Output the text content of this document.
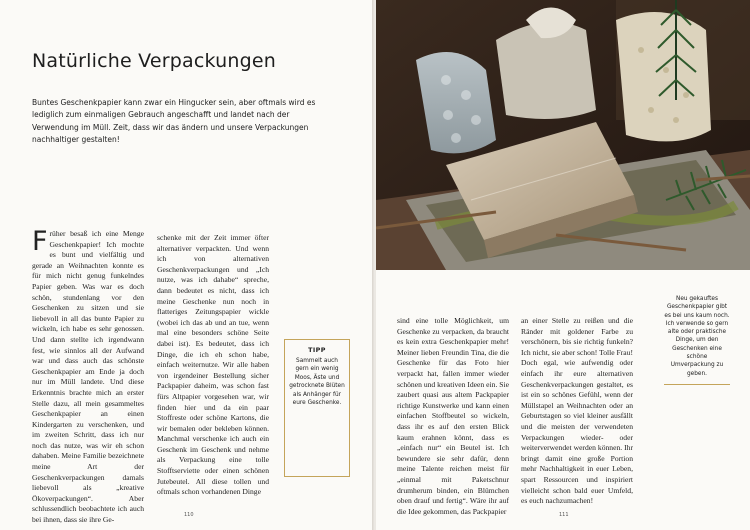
Natürliche Verpackungen

Buntes Geschenkpapier kann zwar ein Hingucker sein, aber oftmals wird es lediglich zum einmaligen Gebrauch angeschafft und landet nach der Verwendung im Müll. Zeit, dass wir das ändern und unsere Verpackungen nachhaltiger gestalten!

Früher besaß ich eine Menge Geschenkpapier! Ich mochte es bunt und vielfältig und gerade an Weihnachten konnte es für mich nicht genug funkelndes Papier geben. Was war es doch schön, stundenlang vor den Geschenken zu sitzen und sie liebevoll in all das bunte Papier zu wickeln, ich habe es sehr genossen. Und dann stellte ich irgendwann fest, wie sinnlos all der Aufwand war und dass auch das schönste Geschenkpapier am Ende ja doch nur im Müll landete. Und diese Erkenntnis brachte mich an erster Stelle dazu, all mein gesammeltes Geschenkpapier an einen Kindergarten zu verschenken, und im zweiten Schritt, dass ich nur noch das nutze, was wir eh schon dahaben. Meine Familie bezeichnete meine Art der Geschenkverpackungen damals liebevoll als „kreative Ökoverpackungen“. Aber schlussendlich beobachtete ich auch bei ihnen, dass sie ihre Ge-

schenke mit der Zeit immer öfter alternativer verpackten. Und wenn ich von alternativen Geschenkverpackungen und „Ich nutze, was ich dahabe“ spreche, dann bedeutet es nicht, dass ich meine Geschenke nun noch in flatteriges Zeitungspapier wickle (wobei ich das ab und an tue, wenn mal eine besonders schöne Seite dabei ist). Es bedeutet, dass ich Dinge, die ich eh schon habe, einfach weiternutze. Wir alle haben von irgendeiner Bestellung sicher Packpapier daheim, was schon fast fürs Altpapier vorgesehen war, wir finden hier und da ein paar Stoffreste oder schöne Kartons, die wir bemalen oder bekleben können. Manchmal verschenke ich auch ein Geschenk im Geschenk und nehme als Verpackung eine tolle Stofftserviette oder einen schönen Jutebeutel. All diese tollen und oftmals schon vorhandenen Dinge

TIPP
Sammelt auch gern ein wenig Moos, Äste und getrocknete Blüten als Anhänger für eure Geschenke.
110

sind eine tolle Möglichkeit, um Geschenke zu verpacken, da braucht es kein extra Geschenkpapier mehr! Meiner lieben Freundin Tina, die die Geschenke für das Foto hier verpackt hat, fallen immer wieder schönen und kreativen Ideen ein. Sie zaubert quasi aus altem Packpapier richtige Kunstwerke und kann einen einfachen Stoffbeutel so wickeln, dass ihr es auf den ersten Blick kaum erahnen könnt, dass es „einfach nur“ ein Beutel ist. Ich bewundere sie sehr dafür, denn meine Talente reichen meist für „einmal mit Paketschnur drumherum binden, ein Blümchen oben drauf und fertig“. Wäre ihr auf die Idee gekommen, das Packpapier

an einer Stelle zu reißen und die Ränder mit goldener Farbe zu verschönern, bis sie richtig funkeln? Ich nicht, sie aber schon! Tolle Frau! Doch egal, wie aufwendig oder einfach ihr eure alternativen Geschenkverpackungen gestaltet, es ist ein so schönes Gefühl, wenn der Müllstapel an Weihnachten oder an Geburtstagen so viel kleiner ausfällt und die meisten der verwendeten Verpackungen wieder- oder weiterverwendet werden können. Ihr bringt damit eine große Portion mehr Nachhaltigkeit in euer Leben, spart Ressourcen und inspiriert vielleicht schon bald euer Umfeld, es euch nachzumachen!

Neu gekauftes Geschenkpapier gibt es bei uns kaum noch. Ich verwende so gern alte oder praktische Dinge, um den Geschenken eine schöne Umverpackung zu geben.
111
